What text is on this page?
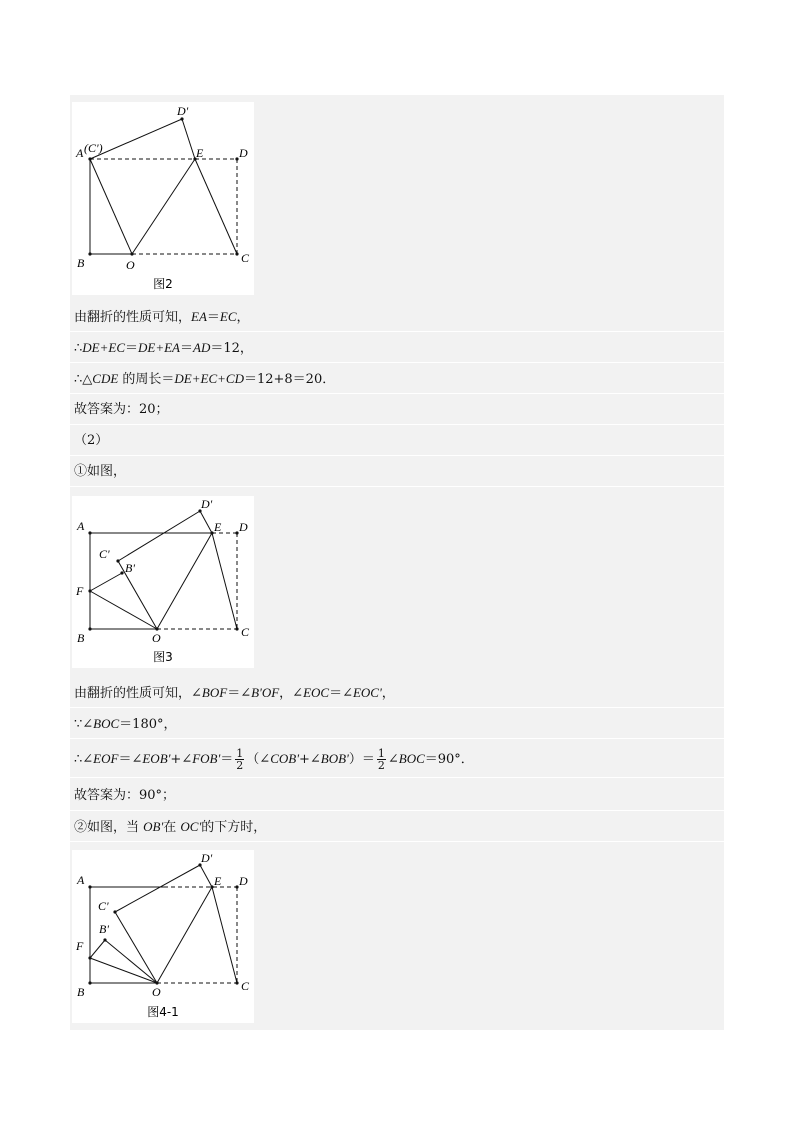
A (C')
D'
E	D
B	O	C
图2
由翻折的性质可知，EA＝EC，
∴DE+EC＝DE+EA＝AD＝12，
∴△CDE 的周长＝DE+EC+CD＝12+8＝20．
故答案为：20；
（2）
①如图，
A
D'
E D
C'
B'
F
B	O	C
图3
由翻折的性质可知，∠BOF＝∠B'OF，∠EOC＝∠EOC'，
∵∠BOC＝180°，
∴∠EOF＝∠EOB'+∠FOB'＝ $\frac{1}{2}$ （∠COB'+∠BOB'）＝ $\frac{1}{2}$ ∠BOC＝90°．
故答案为：90°；
②如图，当 OB'在 OC'的下方时，
A
D'
E D
C'
B'
F
B	O	C
图4-1
